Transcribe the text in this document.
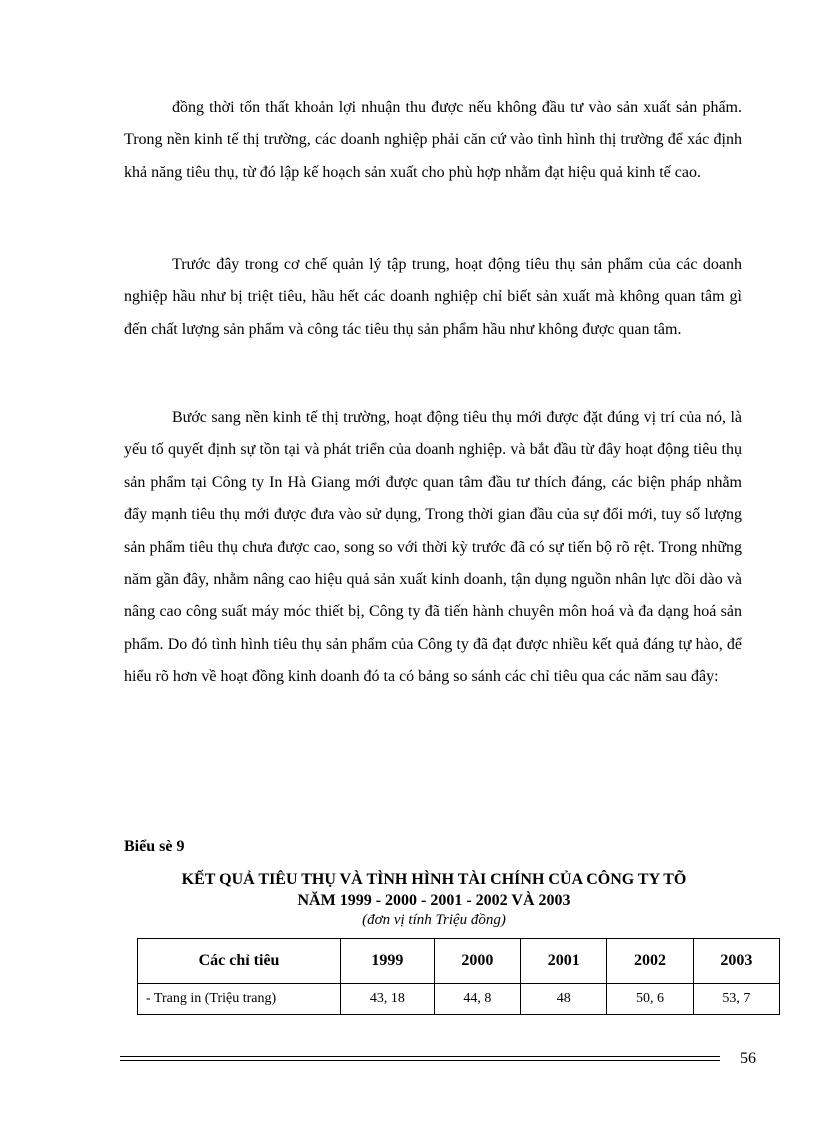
đồng thời tổn thất khoản lợi nhuận thu được nếu không đầu tư vào sản xuất sản phẩm. Trong nền kinh tế thị trường, các doanh nghiệp phải căn cứ vào tình hình thị trường để xác định khả năng tiêu thụ, từ đó lập kế hoạch sản xuất cho phù hợp nhằm đạt hiệu quả kinh tế cao.

Trước đây trong cơ chế quản lý tập trung, hoạt động tiêu thụ sản phẩm của các doanh nghiệp hầu như bị triệt tiêu, hầu hết các doanh nghiệp chỉ biết sản xuất mà không quan tâm gì đến chất lượng sản phẩm và công tác tiêu thụ sản phẩm hầu như không được quan tâm.

Bước sang nền kinh tế thị trường, hoạt động tiêu thụ mới được đặt đúng vị trí của nó, là yếu tố quyết định sự tồn tại và phát triển của doanh nghiệp. và bắt đầu từ đây hoạt động tiêu thụ sản phẩm tại Công ty In Hà Giang mới được quan tâm đầu tư thích đáng, các biện pháp nhằm đẩy mạnh tiêu thụ mới được đưa vào sử dụng, Trong thời gian đầu của sự đổi mới, tuy số lượng sản phẩm tiêu thụ chưa được cao, song so với thời kỳ trước đã có sự tiến bộ rõ rệt. Trong những năm gần đây, nhằm nâng cao hiệu quả sản xuất kinh doanh, tận dụng nguồn nhân lực dồi dào và nâng cao công suất máy móc thiết bị, Công ty đã tiến hành chuyên môn hoá và đa dạng hoá sản phẩm. Do đó tình hình tiêu thụ sản phẩm của Công ty đã đạt được nhiều kết quả đáng tự hào, để hiểu rõ hơn về hoạt đồng kinh doanh đó ta có bảng so sánh các chỉ tiêu qua các năm sau đây:

Biểu sè 9
KẾT QUẢ TIÊU THỤ VÀ TÌNH HÌNH TÀI CHÍNH CỦA CÔNG TY TÕ
NĂM 1999 - 2000 - 2001 - 2002 VÀ 2003
(đơn vị tính Triệu đồng)
Các chỉ tiêu	1999	2000	2001	2002	2003
- Trang in (Triệu trang)	43, 18	44, 8	48	50, 6	53, 7
56
